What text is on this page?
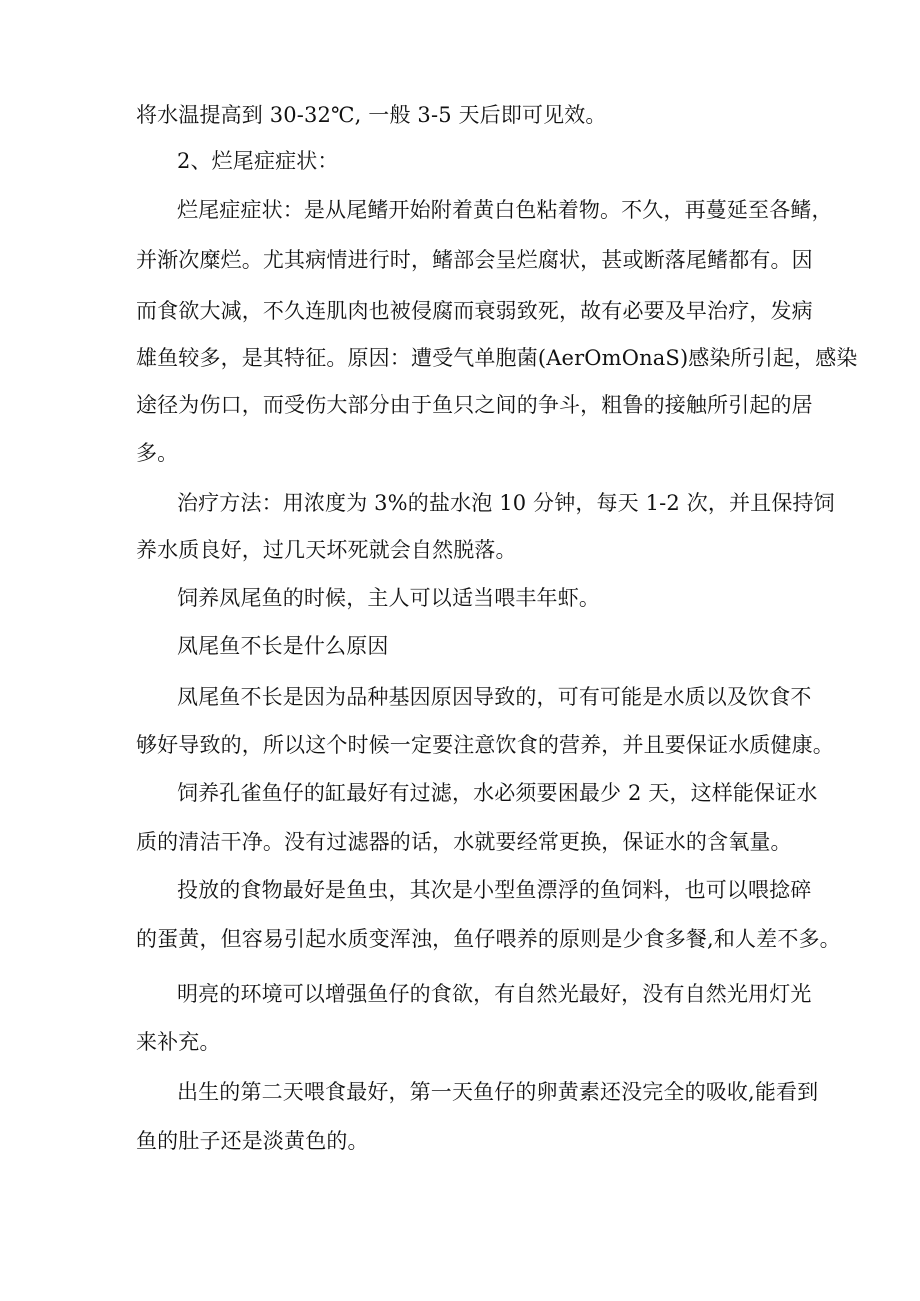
将水温提高到 30-32℃, 一般 3-5 天后即可见效。
2、烂尾症症状：
烂尾症症状：是从尾鳍开始附着黄白色粘着物。不久，再蔓延至各鳍，
并渐次糜烂。尤其病情进行时，鳍部会呈烂腐状，甚或断落尾鳍都有。因
而食欲大减，不久连肌肉也被侵腐而衰弱致死，故有必要及早治疗，发病
雄鱼较多，是其特征。原因：遭受气单胞菌(AerOmOnaS)感染所引起，感染
途径为伤口，而受伤大部分由于鱼只之间的争斗，粗鲁的接触所引起的居
多。
治疗方法：用浓度为 3%的盐水泡 10 分钟，每天 1-2 次，并且保持饲
养水质良好，过几天坏死就会自然脱落。
饲养凤尾鱼的时候，主人可以适当喂丰年虾。
凤尾鱼不长是什么原因
凤尾鱼不长是因为品种基因原因导致的，可有可能是水质以及饮食不
够好导致的，所以这个时候一定要注意饮食的营养，并且要保证水质健康。
饲养孔雀鱼仔的缸最好有过滤，水必须要困最少 2 天，这样能保证水
质的清洁干净。没有过滤器的话，水就要经常更换，保证水的含氧量。
投放的食物最好是鱼虫，其次是小型鱼漂浮的鱼饲料，也可以喂捻碎
的蛋黄，但容易引起水质变浑浊，鱼仔喂养的原则是少食多餐,和人差不多。
明亮的环境可以增强鱼仔的食欲，有自然光最好，没有自然光用灯光
来补充。
出生的第二天喂食最好，第一天鱼仔的卵黄素还没完全的吸收,能看到
鱼的肚子还是淡黄色的。
